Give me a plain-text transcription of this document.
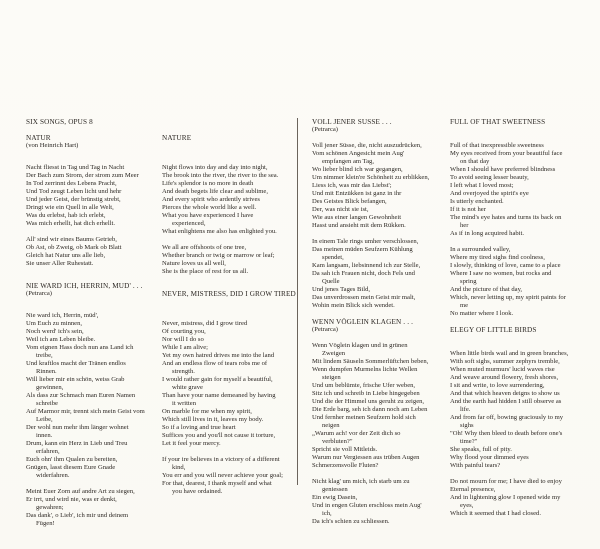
SIX SONGS, OPUS 8
NATUR
(von Heinrich Hart)
Nacht fliesst in Tag und Tag in Nacht
Der Bach zum Strom, der strom zum Meer
In Tod zerrinnt des Lebens Pracht,
Und Tod zeugt Leben licht und hehr
Und jeder Geist, der brünstig strebt,
Dringt wie ein Quell in alle Welt,
Was du erlebst, hab ich erlebt,
Was mich erhellt, hat dich erhellt.
All' sind wir eines Baums Getrieb,
Ob Ast, ob Zweig, ob Mark ob Blatt
Gleich hat Natur uns alle lieb,
Sie unser Aller Ruhestatt.
NIE WARD ICH, HERRIN, MUD' . . .
(Petrarca)
Nie ward ich, Herrin, müd',
Um Euch zu minnen,
Noch werd' ich's sein,
Weil ich am Leben bleibe.
Vom eignen Hass doch nun ans Land ich
treibe,
Und kraftlos macht der Tränen endlos
Rinnen.
Will lieber mir ein schön, weiss Grab
gewinnen,
Als dass zur Schmach man Euren Namen
schreibe
Auf Marmor mir, trennt sich mein Geist vom
Leibe,
Der wohl nun mehr ihm länger wohnet
innen.
Drum, kann ein Herz in Lieb und Treu
erfahren,
Euch ohn' ihm Qualen zu bereiten,
Gnügen, lasst diesem Eure Gnade
widerfahren.
Meint Euer Zorn auf andre Art zu siegen,
Er irrt, und wird nie, was er denkt,
gewahren;
Das dank', o Lieb', ich mir und deinem
Fügen!
NATURE

Night flows into day and day into night,
The brook into the river, the river to the sea.
Life's splendor is no more in death
And death begets life clear and sublime,
And every spirit who ardently strives
Pierces the whole world like a well.
What you have experienced I have
experienced,
What enlightens me also has enlighted you.
We all are offshoots of one tree,
Whether branch or twig or marrow or leaf;
Nature loves us all well,
She is the place of rest for us all.
NEVER, MISTRESS, DID I GROW TIRED

Never, mistress, did I grow tired
Of courting you,
Nor will I do so
While I am alive;
Yet my own hatred drives me into the land
And an endless flow of tears robs me of
strength.
I would rather gain for myself a beautiful,
white grave
Than have your name demeaned by having
it written
On marble for me when my spirit,
Which still lives in it, leaves my body.
So if a loving and true heart
Suffices you and you'll not cause it torture,
Let it feel your mercy.
If your ire believes in a victory of a different
kind,
You err and you will never achieve your goal;
For that, dearest, I thank myself and what
you have ordained.
VOLL JENER SUSSE . . .
(Petrarca)
Voll jener Süsse, die, nicht auszudrücken,
Vom schönen Angesicht mein Aug'
empfangen am Tag,
Wo lieber blind ich war gegangen,
Um nimmer klein're Schönheit zu erblikken,
Liess ich, was mir das Liebst';
Und mit Entzükken ist ganz in ihr
Des Geistes Blick befangen,
Der, was nicht sie ist,
Wie aus einer langen Gewohnheit
Hasst und ansieht mit dem Rükken.
In einem Tale rings umher verschlossen,
Das meinen müden Seufzern Kühlung
spendet,
Kam langsam, liebsinnend ich zur Stelle,
Da sah ich Frauen nicht, doch Fels und
Quelle
Und jenes Tages Bild,
Das unverdrossen mein Geist mir malt,
Wohin mein Blick sich wendet.
WENN VÖGLEIN KLAGEN . . .
(Petrarca)
Wenn Vöglein klagen und in grünen
Zweigen
Mit lindem Säuseln Sommerlüftchen beben,
Wenn dumpfen Murmelns lichte Wellen
steigen
Und um beblümte, frische Ufer weben,
Sitz ich und schreib in Liebe hingegeben
Und die der Himmel uns geruht zu zeigen,
Die Erde barg, seh ich dann noch am Leben
Und fernher meinen Seufzern hold sich
neigen
„Warum ach! vor der Zeit dich so
verbluten?"
Spricht sie voll Mitleids.
Warum nur Vergiessen aus trüben Augen
Schmerzensvolle Fluten?
Nicht klag' um mich, ich starb um zu
geniessen
Ein ewig Dasein,
Und in engen Gluten erschloss mein Aug'
ich,
Da ich's schien zu schliessen.
FULL OF THAT SWEETNESS

Full of that inexpressible sweetness
My eyes received from your beautiful face
on that day
When I should have preferred blindness
To avoid seeing lesser beauty,
I left what I loved most;
And overjoyed the spirit's eye
Is utterly enchanted.
If it is not her
The mind's eye hates and turns its back on
her
As if in long acquired habit.
In a surrounded valley,
Where my tired sighs find coolness,
I slowly, thinking of love, came to a place
Where I saw no women, but rocks and
spring
And the picture of that day,
Which, never letting up, my spirit paints for
me
No matter where I look.
ELEGY OF LITTLE BIRDS

When little birds wail and in green branches,
With soft sighs, summer zephyrs tremble,
When muted murmurs' lucid waves rise
And weave around flowery, fresh shores,
I sit and write, to love surrendering,
And that which heaven deigns to show us
And the earth had hidden I still observe as
life.
And from far off, bowing graciously to my
sighs
"Oh! Why then bleed to death before one's
time?"
She speaks, full of pity.
Why flood your dimmed eyes
With painful tears?
Do not mourn for me; I have died to enjoy
Eternal presence,
And in lightening glow I opened wide my
eyes,
Which it seemed that I had closed.
